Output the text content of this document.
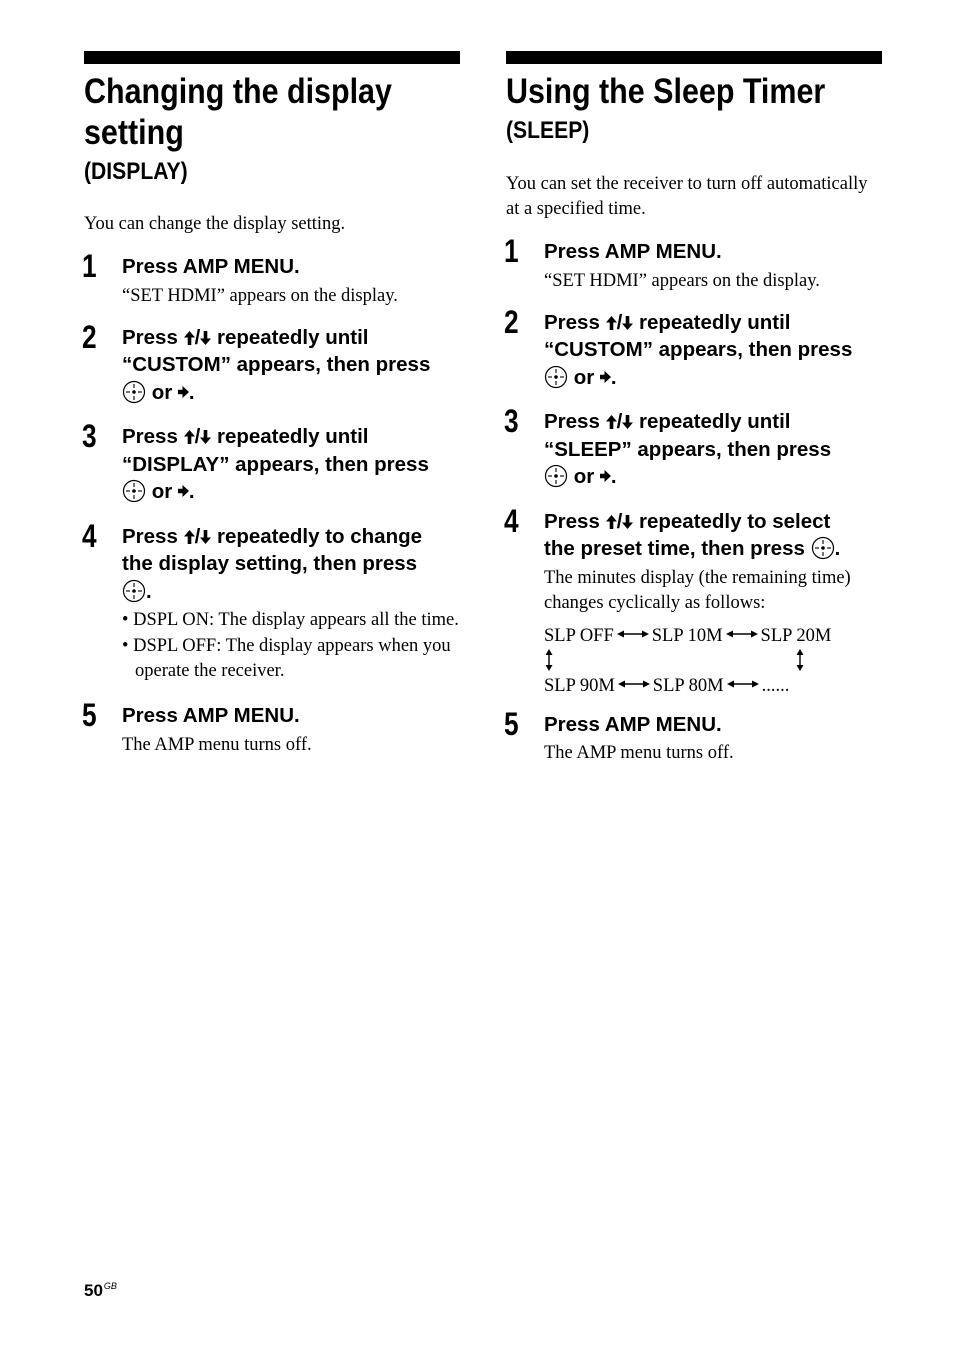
Changing the display
setting
(DISPLAY)
You can change the display setting.
1 Press AMP MENU.
“SET HDMI” appears on the display.
2 Press / repeatedly until
“CUSTOM” appears, then press
or .
3 Press / repeatedly until
“DISPLAY” appears, then press
or .
4 Press / repeatedly to change
the display setting, then press
.
• DSPL ON: The display appears all the time.
• DSPL OFF: The display appears when you operate the receiver.
5 Press AMP MENU.
The AMP menu turns off.
Using the Sleep Timer
(SLEEP)
You can set the receiver to turn off automatically at a specified time.
1 Press AMP MENU.
“SET HDMI” appears on the display.
2 Press / repeatedly until
“CUSTOM” appears, then press
or .
3 Press / repeatedly until
“SLEEP” appears, then press
or .
4 Press / repeatedly to select
the preset time, then press .
The minutes display (the remaining time) changes cyclically as follows:
SLP OFF SLP 10M SLP 20M
SLP 90M SLP 80M ......
5 Press AMP MENU.
The AMP menu turns off.
$50^{GB}$
